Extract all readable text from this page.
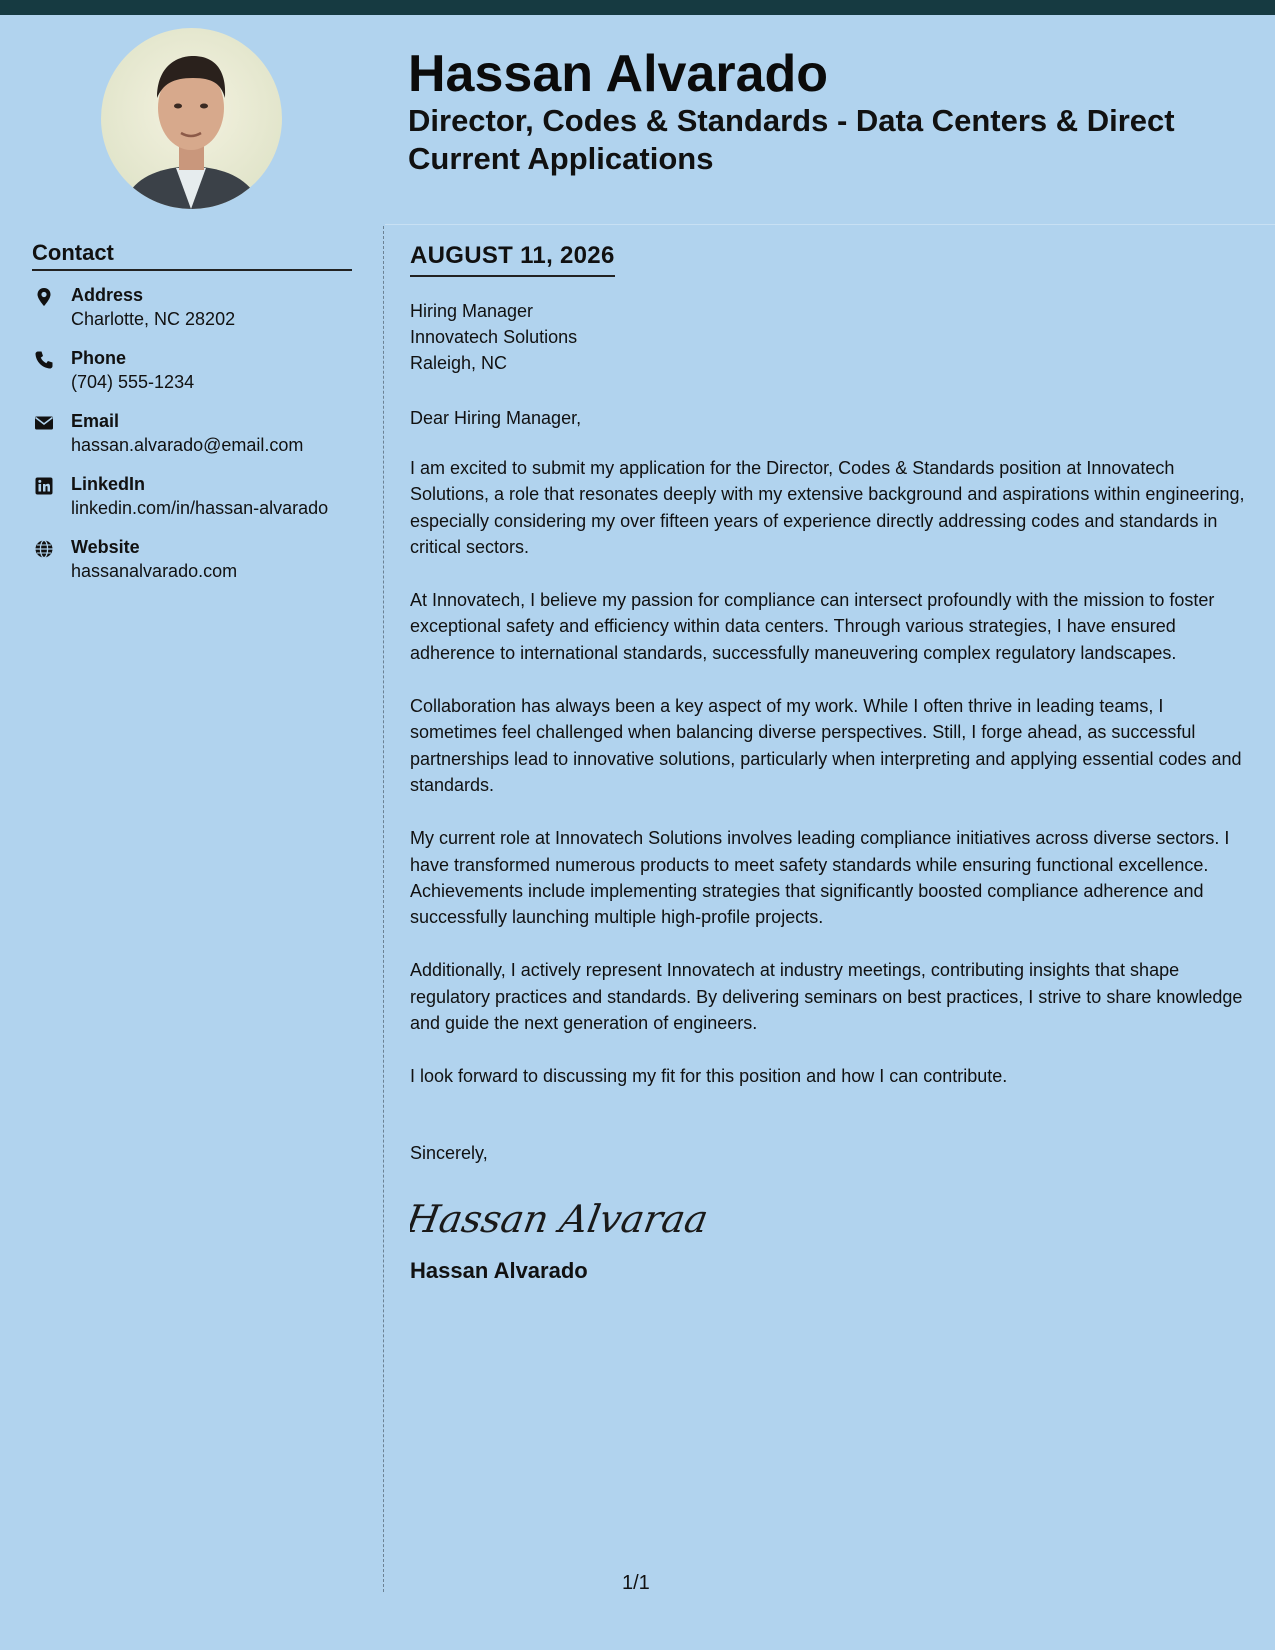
Hassan Alvarado
Director, Codes & Standards - Data Centers & Direct Current Applications
Contact
Address
Charlotte, NC 28202
Phone
(704) 555-1234
Email
hassan.alvarado@email.com
LinkedIn
linkedin.com/in/hassan-alvarado
Website
hassanalvarado.com
AUGUST 11, 2026
Hiring Manager
Innovatech Solutions
Raleigh, NC

Dear Hiring Manager,

I am excited to submit my application for the Director, Codes & Standards position at Innovatech Solutions, a role that resonates deeply with my extensive background and aspirations within engineering, especially considering my over fifteen years of experience directly addressing codes and standards in critical sectors.

At Innovatech, I believe my passion for compliance can intersect profoundly with the mission to foster exceptional safety and efficiency within data centers. Through various strategies, I have ensured adherence to international standards, successfully maneuvering complex regulatory landscapes.

Collaboration has always been a key aspect of my work. While I often thrive in leading teams, I sometimes feel challenged when balancing diverse perspectives. Still, I forge ahead, as successful partnerships lead to innovative solutions, particularly when interpreting and applying essential codes and standards.

My current role at Innovatech Solutions involves leading compliance initiatives across diverse sectors. I have transformed numerous products to meet safety standards while ensuring functional excellence. Achievements include implementing strategies that significantly boosted compliance adherence and successfully launching multiple high-profile projects.

Additionally, I actively represent Innovatech at industry meetings, contributing insights that shape regulatory practices and standards. By delivering seminars on best practices, I strive to share knowledge and guide the next generation of engineers.

I look forward to discussing my fit for this position and how I can contribute.

Sincerely,

Hassan Alvaraa

Hassan Alvarado

1/1
